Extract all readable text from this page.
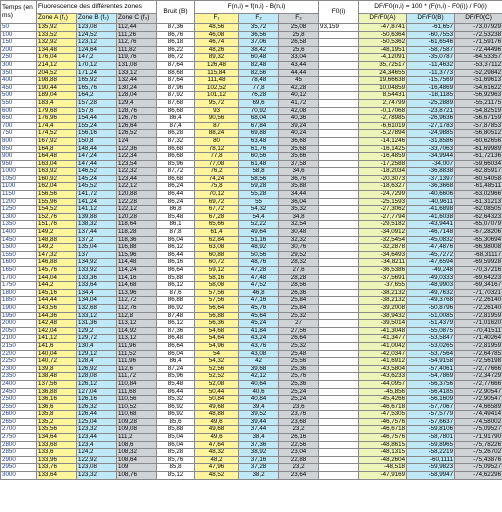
Temps (en ms)	Fluorescence des différentes zones			Bruit (B)	F(n,i) = f(n,i) - B(n,i)			F0(i)	DF/F0(n,i) = 100 * (F(n,i) - F0(i)) / F0(i)		
	Zone A (f₁)	Zone B (f₂)	Zone C (f₃)		F₁	F₂	F₃		DF/F0(A)	DF/F0(B)	DF/F0(C)
50	135,92	123,08	112,44	87,36	48,56	35,72	25,08	93,159	-47,8741	-61,657	-73,07929
100	133,52	124,52	111,26	86,76	46,08	36,56	25,8		-50,6364	-60,7553	-72,53238
150	132,92	123,12	112,76	86,18	46,74	37,06	26,58		-50,5362	-61,6546	-71,59176
200	134,48	124,64	111,82	86,22	48,26	38,42	25,6		-48,1951	-58,7587	-72,44496
250	176,04	147,2	119,76	86,72	89,32	60,48	33,04		-4,12091	-35,0787	-64,53357
300	214,12	170,12	131,08	87,64	126,48	82,48	43,44		35,72517	-11,4632	-53,37112
350	204,52	171,24	133,12	88,68	115,84	82,56	44,44		24,34655	-11,3773	-52,29842
400	198,88	165,92	132,44	87,64	111,48	78,48	45		19,66638	-15,7569	-51,69613
450	190,44	165,76	130,24	87,96	102,52	77,8	42,28		10,04859	-16,4869	-54,61622
500	189,04	164,2	128,04	87,92	101,12	76,28	40,12		8,54431	-18,1185	-56,92963
550	183,4	157,28	129,4	87,68	95,72	69,6	41,72		2,74799	-25,2889	-55,21175
600	179,68	157,6	128,76	86,68	93	70,92	42,08		-0,17068	-23,8721	-54,82519
650	176,96	154,44	126,76	86,4	90,56	68,04	40,36		-2,78985	-26,9636	-56,67159
700	174,4	155,24	126,64	87,4	87	67,84	39,24		-6,61019	-27,1783	-57,87853
750	174,52	156,16	126,52	86,28	88,24	69,88	40,24		-5,27894	-24,9885	-56,80512
800	167,92	150,8	124	87,32	80	63,48	36,68		-14,1246	-31,8586	-60,62656
850	164,8	148,44	122,36	86,68	78,12	61,76	35,68		-16,1425	-33,7063	-61,69989
900	164,48	147,24	122,34	86,68	77,8	60,56	35,66		-16,4859	-34,9944	-61,72136
950	163,04	147,44	123,54	85,96	77,08	61,48	37,58		-17,2588	-34,007	-59,66034
1000	163,92	146,52	122,32	87,72	76,2	58,8	34,6		-18,2034	-36,8838	-62,85917
1050	160,92	145,24	123,44	86,68	74,24	58,56	36,76		-20,3073	-37,1397	-60,54058
1100	162,04	145,52	122,12	86,24	75,8	59,28	35,88		-18,6327	-36,3668	-61,48511
1150	156,56	141,72	120,88	86,44	70,12	55,28	34,44		-24,7299	-40,6606	-63,02966
1200	155,96	141,24	122,28	86,24	69,72	55	36,04		-25,1593	-40,9611	-61,31213
1250	154,52	141,12	122,12	86,8	67,72	54,32	35,32		-27,3062	-41,6898	-62,08505
1300	152,76	139,88	120,28	85,48	67,28	54,4	34,8		-27,7794	-41,6038	-62,64323
1350	151,76	138,32	118,64	86,1	65,66	52,22	32,54		-29,5182	-43,9441	-65,07079
1400	149,2	137,44	118,28	87,8	61,4	49,64	30,48		-34,0912	-46,7148	-67,28206
1450	148,88	137,2	118,36	86,04	62,84	51,16	32,32		-32,5454	-45,0832	-65,30694
1500	149,2	135,04	116,88	86,12	63,08	48,92	30,76		-32,2878	-47,4876	-66,98008
1550	147,32	137	115,96	86,44	60,88	50,56	29,52		-34,6493	-45,7272	-68,31117
1600	146,88	134,92	114,48	86,16	60,72	48,76	28,32		-34,8211	-47,6594	-69,59928
1650	145,76	133,92	114,24	86,64	59,12	47,28	27,6		-36,5386	-49,248	-70,37216
1700	144,04	133,36	114,16	85,88	58,16	47,48	28,28		-37,5691	-49,0333	-69,64223
1750	144,2	133,64	114,68	86,12	58,08	47,52	28,56		-37,655	-48,9903	-69,34167
1800	145,16	134,4	113,96	87,6	57,56	46,8	26,36		-38,2132	-49,7632	-71,70321
1850	144,44	134,04	112,72	86,88	57,56	47,16	25,84		-38,2132	-49,3768	-72,26140
1900	143,56	132,68	112,76	86,92	56,64	45,76	25,84		-39,2008	-50,8796	-72,26140
1950	144,36	133,12	112,8	87,48	56,88	45,64	25,32		-38,9432	-51,0085	-72,81959
2000	142,48	131,36	113,12	86,12	56,36	45,24	27		-39,5014	-51,4379	-71,01620
2050	142,04	129,2	114,92	87,36	54,68	41,84	27,56		-41,3048	-55,0875	-70,41511
2100	141,12	129,72	113,12	86,48	54,64	43,24	26,64		-41,3477	-53,5847	-71,40264
2150	141,6	130,4	111,96	86,64	54,96	43,76	25,32		-41,0042	-53,0265	-72,81959
2200	140,04	129,12	111,52	86,04	54	43,08	25,48		-42,0347	-53,7564	-72,64785
2250	140,72	128,4	111,96	86,4	54,32	42	25,56		-41,6912	-54,9158	-72,56198
2300	139,8	126,92	112,6	87,24	52,56	39,68	25,36		-43,5804	-57,4061	-72,77666
2350	138,48	128,08	111,72	85,96	52,52	42,12	25,76		-43,6233	-54,7869	-72,34729
2400	137,56	126,12	110,84	85,48	52,08	40,64	25,36		-44,0957	-56,3756	-72,77666
2450	136,88	127,04	111,68	86,44	50,44	40,6	25,24		-45,856	-56,4185	-72,90547
2500	136,16	126,16	110,56	85,32	50,84	40,84	25,24		-45,4266	-56,1609	-72,90547
2550	136,6	126,32	110,52	86,92	49,68	39,4	23,6		-46,6718	-57,7067	-74,66589
2600	135,8	126,44	110,68	86,92	48,88	39,52	23,76		-47,5305	-57,5779	-74,49414
2650	135,2	125,04	109,28	85,6	49,6	39,44	23,68		-46,7576	-57,6637	-74,58002
2700	135,56	123,32	109,08	85,88	49,68	37,44	23,2		-46,6718	-59,8106	-75,09527
2750	134,64	123,44	111,2	85,04	49,6	38,4	26,16		-46,7576	-58,7801	-71,91790
2800	133,68	123,4	108,6	86,04	47,64	37,36	22,56		-48,8615	-59,8965	-75,78226
2850	133,6	124,2	108,32	85,28	48,32	38,92	23,04		-48,1315	-58,2219	-75,26702
2900	133,96	122,92	108,64	85,76	48,2	37,16	22,88		-48,2604	-60,1111	-75,43876
2950	133,76	123,08	109	85,8	47,96	37,28	23,2		-48,518	-59,9823	-75,09527
3000	133,64	123,32	108,76	85,12	48,52	38,2	23,64		-47,9169	-58,9947	-74,62296
